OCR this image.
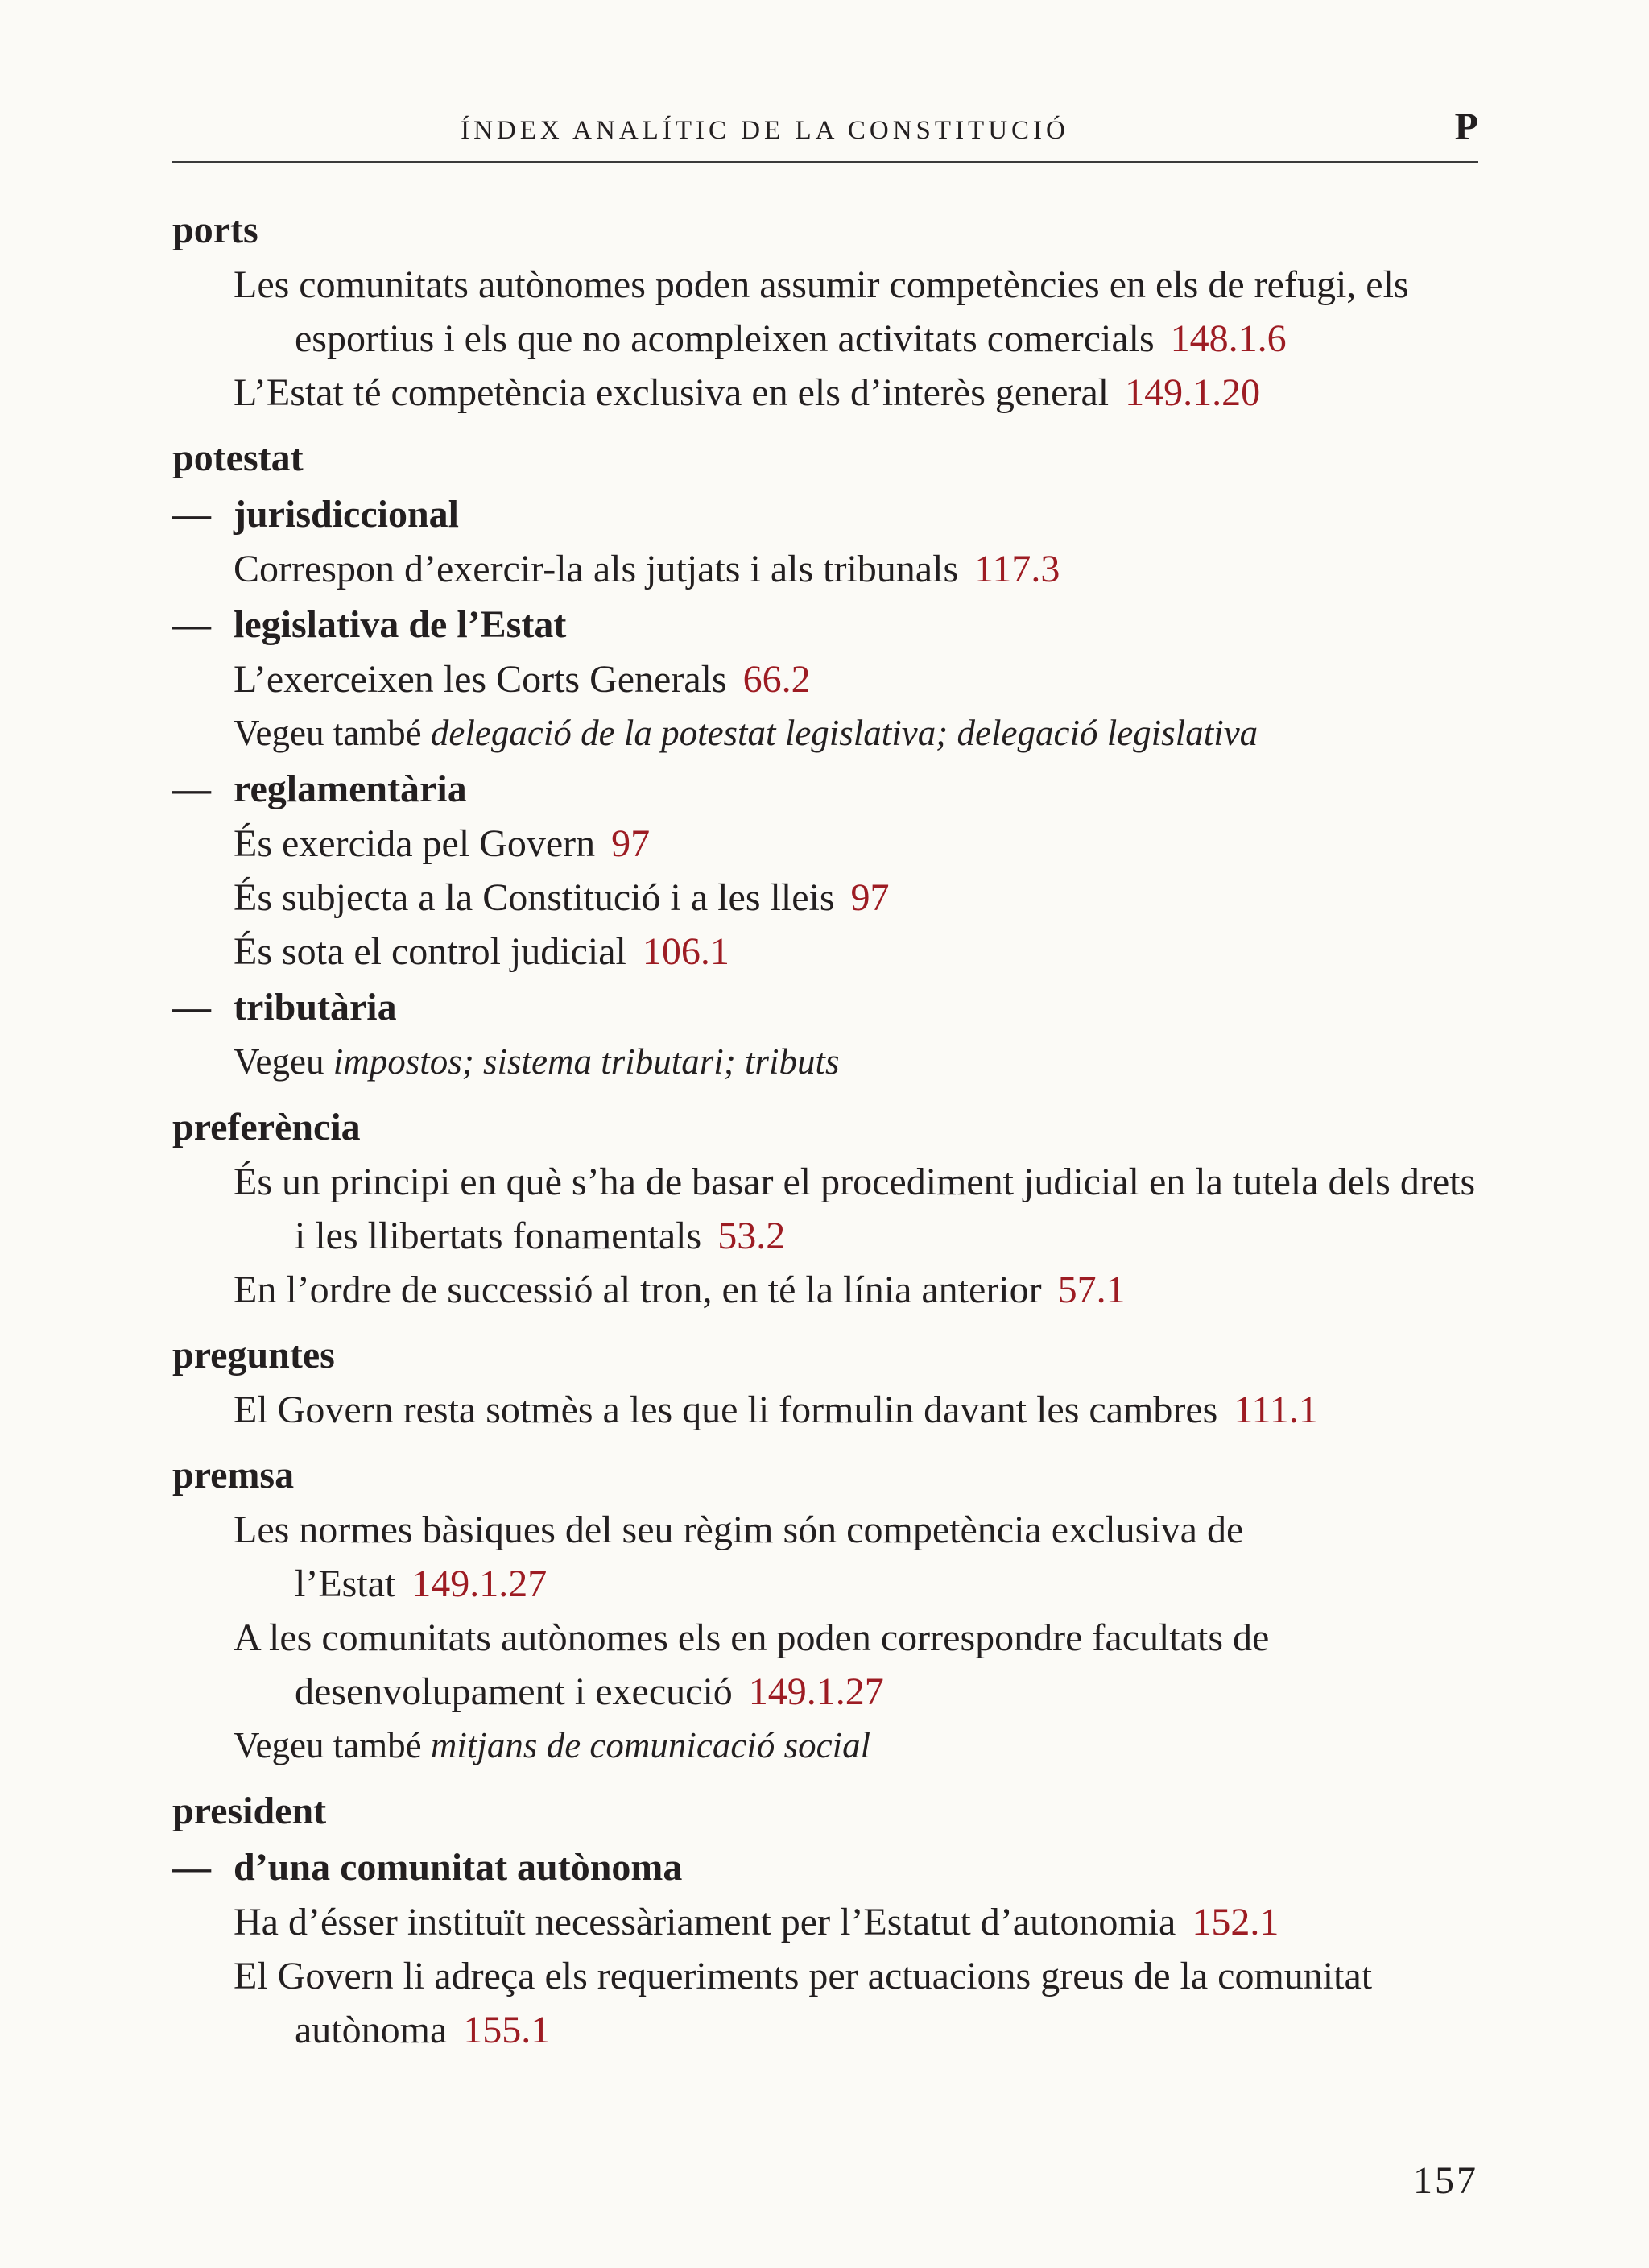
ÍNDEX ANALÍTIC DE LA CONSTITUCIÓ	P
ports
Les comunitats autònomes poden assumir competències en els de refugi, els esportius i els que no acompleixen activitats comercials 148.1.6
L’Estat té competència exclusiva en els d’interès general 149.1.20
potestat
— jurisdiccional
Correspon d’exercir-la als jutjats i als tribunals 117.3
— legislativa de l’Estat
L’exerceixen les Corts Generals 66.2
Vegeu també delegació de la potestat legislativa; delegació legislativa
— reglamentària
És exercida pel Govern 97
És subjecta a la Constitució i a les lleis 97
És sota el control judicial 106.1
— tributària
Vegeu impostos; sistema tributari; tributs
preferència
És un principi en què s’ha de basar el procediment judicial en la tutela dels drets i les llibertats fonamentals 53.2
En l’ordre de successió al tron, en té la línia anterior 57.1
preguntes
El Govern resta sotmès a les que li formulin davant les cambres 111.1
premsa
Les normes bàsiques del seu règim són competència exclusiva de l’Estat 149.1.27
A les comunitats autònomes els en poden correspondre facultats de desenvolupament i execució 149.1.27
Vegeu també mitjans de comunicació social
president
— d’una comunitat autònoma
Ha d’ésser instituït necessàriament per l’Estatut d’autonomia 152.1
El Govern li adreça els requeriments per actuacions greus de la comunitat autònoma 155.1
157
